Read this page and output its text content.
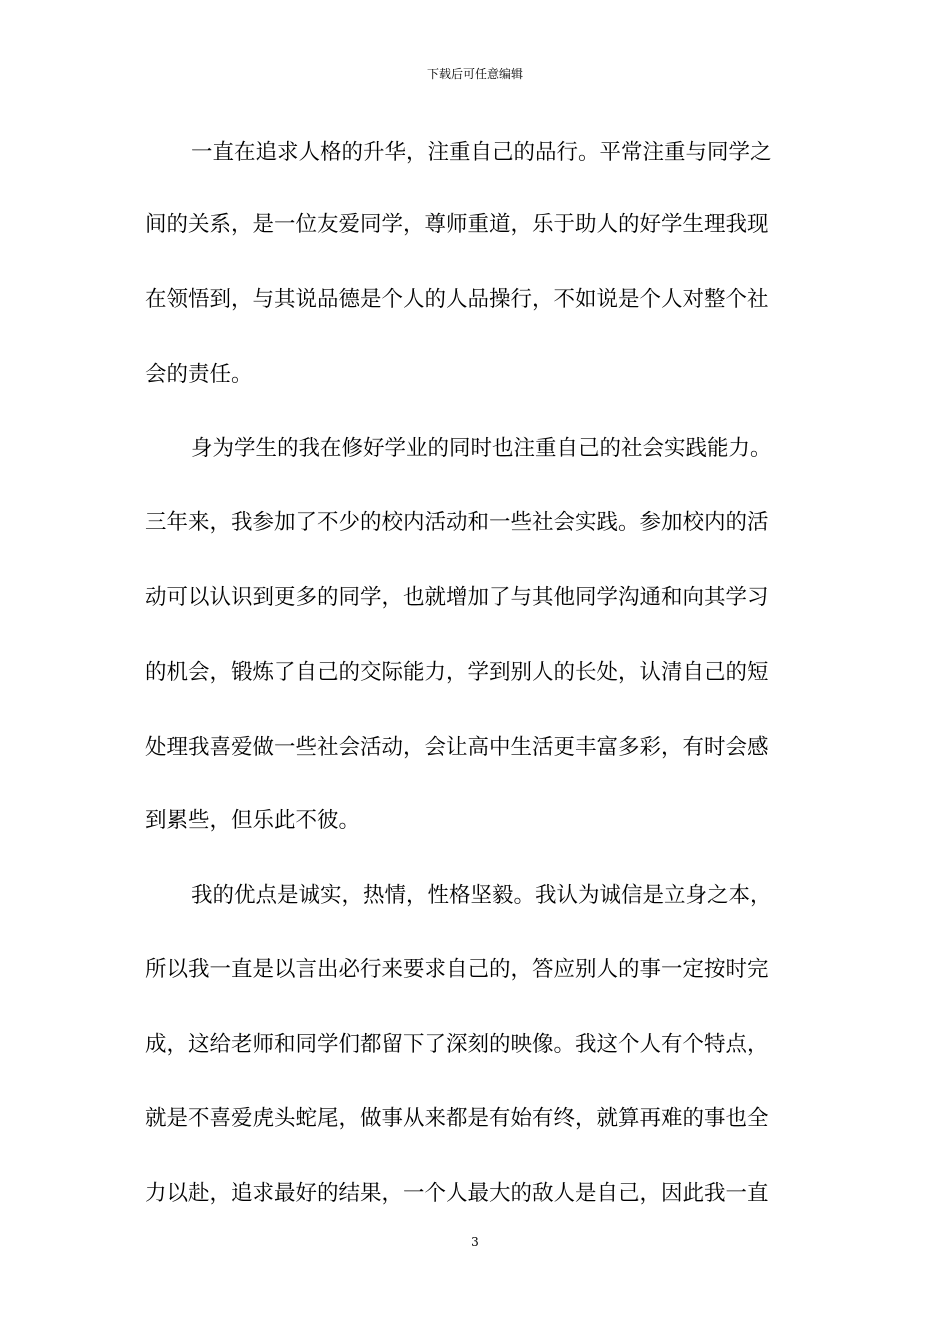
下载后可任意编辑
一直在追求人格的升华，注重自己的品行。平常注重与同学之
间的关系，是一位友爱同学，尊师重道，乐于助人的好学生理我现
在领悟到，与其说品德是个人的人品操行，不如说是个人对整个社
会的责任。
身为学生的我在修好学业的同时也注重自己的社会实践能力。
三年来，我参加了不少的校内活动和一些社会实践。参加校内的活
动可以认识到更多的同学，也就增加了与其他同学沟通和向其学习
的机会，锻炼了自己的交际能力，学到别人的长处，认清自己的短
处理我喜爱做一些社会活动，会让高中生活更丰富多彩，有时会感
到累些，但乐此不彼。
我的优点是诚实，热情，性格坚毅。我认为诚信是立身之本，
所以我一直是以言出必行来要求自己的，答应别人的事一定按时完
成，这给老师和同学们都留下了深刻的映像。我这个人有个特点，
就是不喜爱虎头蛇尾，做事从来都是有始有终，就算再难的事也全
力以赴，追求最好的结果，一个人最大的敌人是自己，因此我一直
3
